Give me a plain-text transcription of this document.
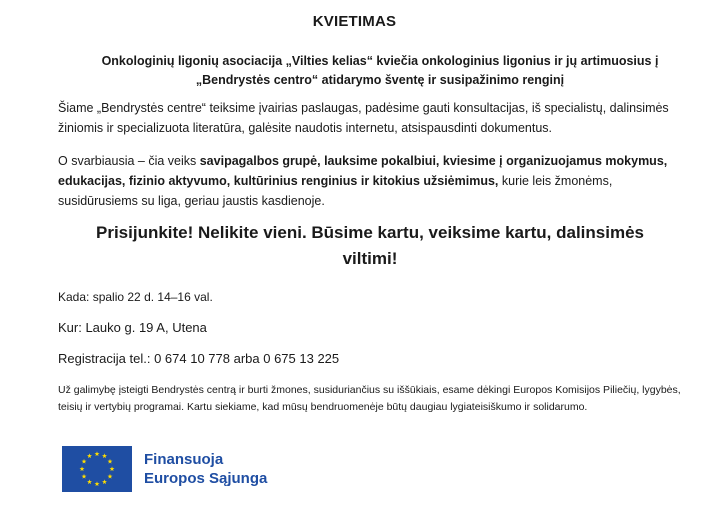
KVIETIMAS
Onkologinių ligonių asociacija „Vilties kelias“ kviečia onkologinius ligonius ir jų artimuosius į
„Bendrystės centro“ atidarymo šventę ir susipažinimo renginį
Šiame „Bendrystės centre“ teiksime įvairias paslaugas, padėsime gauti konsultacijas, iš specialistų, dalinsimės žiniomis ir specializuota literatūra, galėsite naudotis internetu, atsispausdinti dokumentus.
O svarbiausia – čia veiks savipagalbos grupė, lauksime pokalbiui, kviesime į organizuojamus mokymus, edukacijas, fizinio aktyvumo, kultūrinius renginius ir kitokius užsiėmimus, kurie leis žmonėms, susidūrusiems su liga, geriau jaustis kasdienoje.
Prisijunkite! Nelikite vieni. Būsime kartu, veiksime kartu, dalinsimės
viltimi!
Kada: spalio 22 d. 14–16 val.
Kur: Lauko g. 19 A, Utena
Registracija tel.: 0 674 10 778 arba 0 675 13 225
Už galimybę įsteigti Bendrystės centrą ir burti žmones, susiduriančius su iššūkiais, esame dėkingi Europos Komisijos Piliečių, lygybės, teisių ir vertybių programai. Kartu siekiame, kad mūsų bendruomenėje būtų daugiau lygiateisiškumo ir solidarumo.
Finansuoja
Europos Sąjunga
